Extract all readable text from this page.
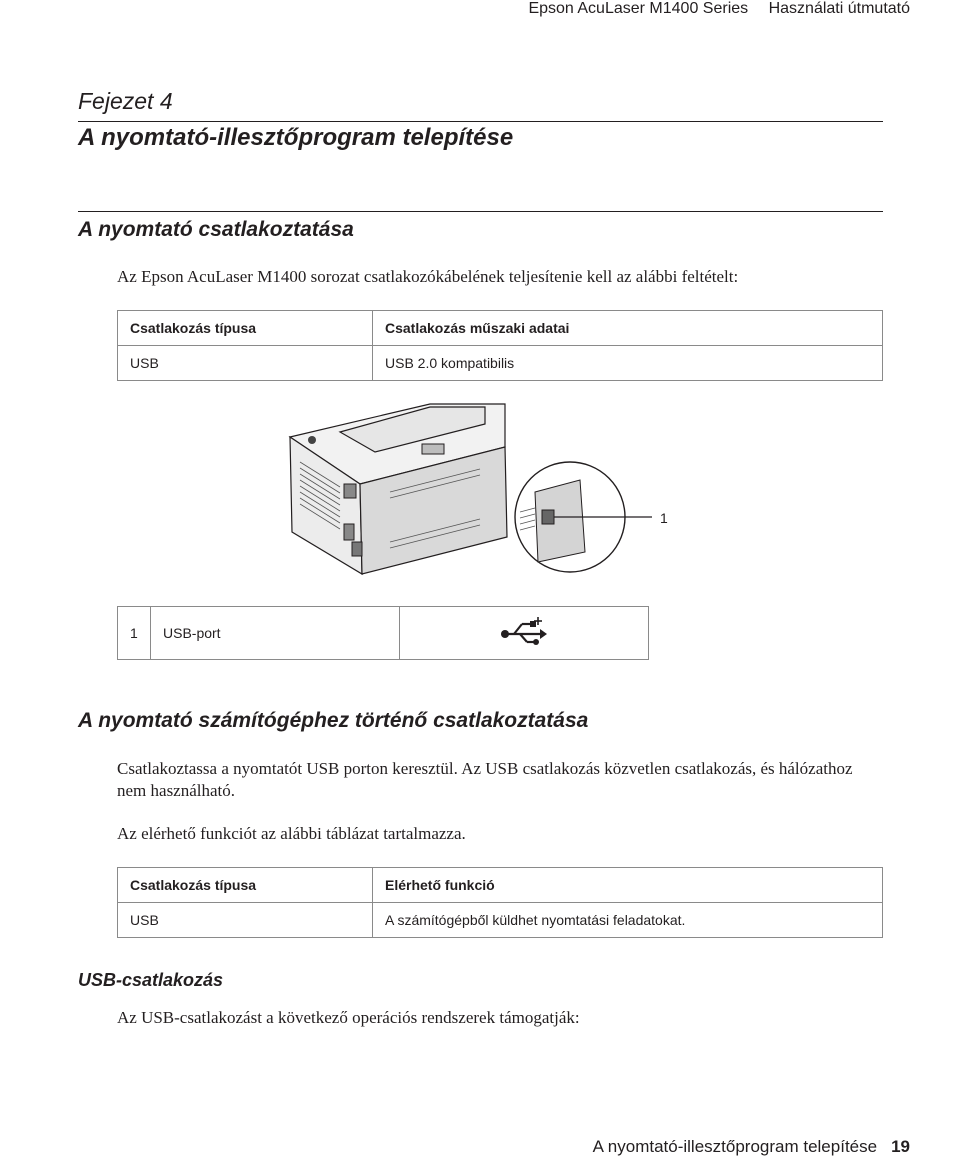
Epson AcuLaser M1400 Series Használati útmutató
Fejezet 4
A nyomtató-illesztőprogram telepítése
A nyomtató csatlakoztatása
Az Epson AcuLaser M1400 sorozat csatlakozókábelének teljesítenie kell az alábbi feltételt:
Csatlakozás típusa	Csatlakozás műszaki adatai
USB	USB 2.0 kompatibilis
1
1	USB-port	
A nyomtató számítógéphez történő csatlakoztatása
Csatlakoztassa a nyomtatót USB porton keresztül. Az USB csatlakozás közvetlen csatlakozás, és hálózathoz nem használható.
Az elérhető funkciót az alábbi táblázat tartalmazza.
Csatlakozás típusa	Elérhető funkció
USB	A számítógépből küldhet nyomtatási feladatokat.
USB-csatlakozás
Az USB-csatlakozást a következő operációs rendszerek támogatják:
A nyomtató-illesztőprogram telepítése 19
